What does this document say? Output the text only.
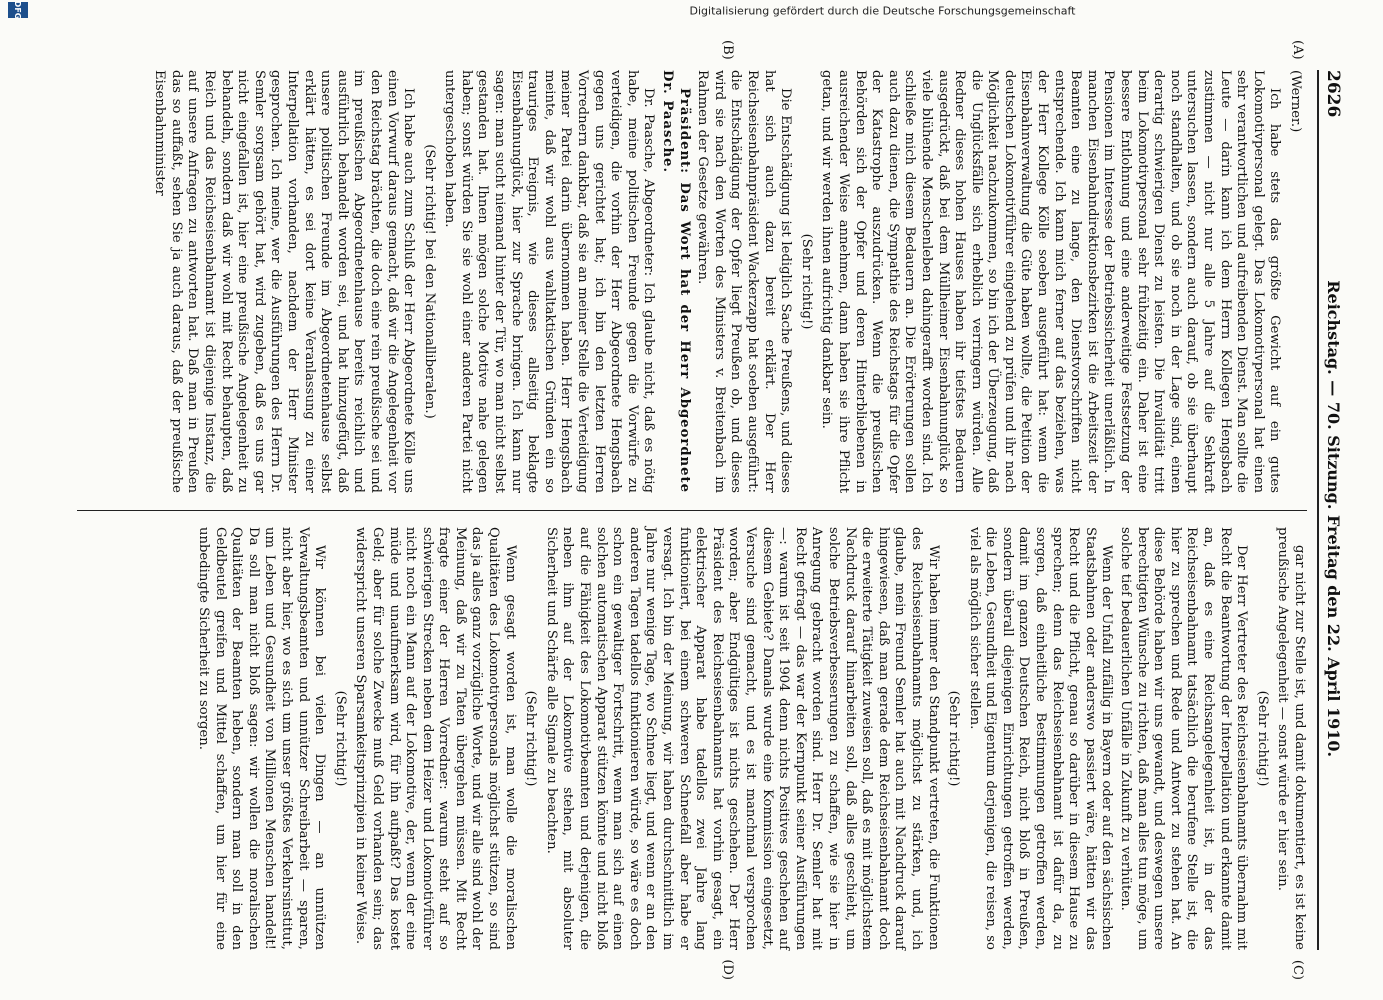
Digitalisierung gefördert durch die Deutsche Forschungsgemeinschaft
DFG
2626
Reichstag. — 70. Sitzung. Freitag den 22. April 1910.
(A)
(B)

(Werner.)

Ich habe stets das größte Gewicht auf ein gutes Lokomotivpersonal gelegt. Das Lokomotivpersonal hat einen sehr verantwortlichen und aufreibenden Dienst. Man sollte die Leute — darin kann ich dem Herrn Kollegen Hengsbach zustimmen — nicht nur alle 5 Jahre auf die Sehkraft untersuchen lassen, sondern auch darauf, ob sie überhaupt noch standhalten, und ob sie noch in der Lage sind, einen derartig schwierigen Dienst zu leisten. Die Invalidität tritt beim Lokomotivpersonal sehr frühzeitig ein. Daher ist eine bessere Entlohnung und eine anderweitige Festsetzung der Pensionen im Interesse der Betriebssicherheit unerläßlich. In manchen Eisenbahndirektionsbezirken ist die Arbeitszeit der Beamten eine zu lange, den Dienstvorschriften nicht entsprechende. Ich kann mich ferner auf das beziehen, was der Herr Kollege Kölle soeben ausgeführt hat: wenn die Eisenbahnverwaltung die Güte haben wollte, die Petition der deutschen Lokomotivführer eingehend zu prüfen und ihr nach Möglichkeit nachzukommen, so bin ich der Überzeugung, daß die Unglücksfälle sich erheblich verringern würden. Alle Redner dieses hohen Hauses haben ihr tiefstes Bedauern ausgedrückt, daß bei dem Müllheimer Eisenbahnunglück so viele blühende Menschenleben dahingerafft worden sind. Ich schließe mich diesem Bedauern an. Die Erörterungen sollen auch dazu dienen, die Sympathie des Reichstags für die Opfer der Katastrophe auszudrücken. Wenn die preußischen Behörden sich der Opfer und deren Hinterbliebenen in ausreichender Weise annehmen, dann haben sie ihre Pflicht getan, und wir werden ihnen aufrichtig dankbar sein.

(Sehr richtig!)

Die Entschädigung ist lediglich Sache Preußens, und dieses hat sich auch dazu bereit erklärt. Der Herr Reichseisenbahnpräsident Wackerzapp hat soeben ausgeführt: die Entschädigung der Opfer liegt Preußen ob, und dieses wird sie nach den Worten des Ministers v. Breitenbach im Rahmen der Gesetze gewähren.

Präsident: Das Wort hat der Herr Abgeordnete Dr. Paasche.

Dr. Paasche, Abgeordneter: Ich glaube nicht, daß es nötig habe, meine politischen Freunde gegen die Vorwürfe zu verteidigen, die vorhin der Herr Abgeordnete Hengsbach gegen uns gerichtet hat; ich bin den letzten Herren Vorrednern dankbar, daß sie an meiner Stelle die Verteidigung meiner Partei darin übernommen haben. Herr Hengsbach meinte, daß wir wohl aus wahltaktischen Gründen ein so trauriges Ereignis, wie dieses allseitig beklagte Eisenbahnunglück, hier zur Sprache bringen. Ich kann nur sagen: man sucht niemand hinter der Tür, wo man nicht selbst gestanden hat. Ihnen mögen solche Motive nahe gelegen haben; sonst würden Sie sie wohl einer anderen Partei nicht untergeschoben haben.

(Sehr richtig! bei den Nationalliberalen.)

Ich habe auch zum Schluß der Herr Abgeordnete Kölle uns einen Vorwurf daraus gemacht, daß wir die Angelegenheit vor den Reichstag brächten, die doch eine rein preußische sei und im preußischen Abgeordnetenhause bereits reichlich und ausführlich behandelt worden sei, und hat hinzugefügt, daß unsere politischen Freunde im Abgeordnetenhause selbst erklärt hätten, es sei dort keine Veranlassung zu einer Interpellation vorhanden, nachdem der Herr Minister gesprochen. Ich meine, wer die Ausführungen des Herrn Dr. Semler sorgsam gehört hat, wird zugeben, daß es uns gar nicht eingefallen ist, hier eine preußische Angelegenheit zu behandeln, sondern daß wir wohl mit Recht behaupten, daß Reich und das Reichseisenbahnamt ist diejenige Instanz, die auf unsere Anfragen zu antworten hat. Daß man in Preußen das so auffaßt, sehen Sie ja auch daraus, daß der preußische Eisenbahnminister

(C)
(D)

gar nicht zur Stelle ist, und damit dokumentiert, es ist keine preußische Angelegenheit — sonst würde er hier sein.

(Sehr richtig!)

Der Herr Vertreter des Reichseisenbahnamts übernahm mit Recht die Beantwortung der Interpellation und erkannte damit an, daß es eine Reichsangelegenheit ist, in der das Reichseisenbahnamt tatsächlich die berufene Stelle ist, die hier zu sprechen und Rede und Antwort zu stehen hat. An diese Behörde haben wir uns gewandt, und deswegen unsere berechtigten Wünsche zu richten, daß man alles tun möge, um solche tief bedauerlichen Unfälle in Zukunft zu verhüten.

Wenn der Unfall zufällig in Bayern oder auf den sächsischen Staatsbahnen oder anderswo passiert wäre, hätten wir das Recht und die Pflicht, genau so darüber in diesem Hause zu sprechen; denn das Reichseisenbahnamt ist dafür da, zu sorgen, daß einheitliche Bestimmungen getroffen werden, damit im ganzen Deutschen Reich, nicht bloß in Preußen, sondern überall diejenigen Einrichtungen getroffen werden, die Leben, Gesundheit und Eigentum derjenigen, die reisen, so viel als möglich sicher stellen.

(Sehr richtig!)

Wir haben immer den Standpunkt vertreten, die Funktionen des Reichseisenbahnamts möglichst zu stärken, und, ich glaube, mein Freund Semler hat auch mit Nachdruck darauf hingewiesen, daß man gerade dem Reichseisenbahnamt doch die erweiterte Tätigkeit zuweisen soll, daß es mit möglichstem Nachdruck darauf hinarbeiten soll, daß alles geschieht, um solche Betriebsverbesserungen zu schaffen, wie sie hier in Anregung gebracht worden sind. Herr Dr. Semler hat mit Recht gefragt — das war der Kernpunkt seiner Ausführungen —: warum ist seit 1904 denn nichts Positives geschehen auf diesem Gebiete? Damals wurde eine Kommission eingesetzt, Versuche sind gemacht, und es ist manchmal versprochen worden; aber Endgültiges ist nichts geschehen. Der Herr Präsident des Reichseisenbahnamts hat vorhin gesagt, ein elektrischer Apparat habe tadellos zwei Jahre lang funktioniert, bei einem schweren Schneefall aber habe er versagt. Ich bin der Meinung, wir haben durchschnittlich im Jahre nur wenige Tage, wo Schnee liegt, und wenn er an den anderen Tagen tadellos funktionieren würde, so wäre es doch schon ein gewaltiger Fortschritt, wenn man sich auf einen solchen automatischen Apparat stützen könnte und nicht bloß auf die Fähigkeit des Lokomotivbeamten und derjenigen, die neben ihm auf der Lokomotive stehen, mit absoluter Sicherheit und Schärfe alle Signale zu beachten.

(Sehr richtig!)

Wenn gesagt worden ist, man wolle die moralischen Qualitäten des Lokomotivpersonals möglichst stützen, so sind das ja alles ganz vorzügliche Worte, und wir alle sind wohl der Meinung, daß wir zu Taten übergehen müssen. Mit Recht fragte einer der Herren Vorredner: warum steht auf so schwierigen Strecken neben dem Heizer und Lokomotivführer nicht noch ein Mann auf der Lokomotive, der, wenn der eine müde und unaufmerksam wird, für ihn aufpaßt? Das kostet Geld; aber für solche Zwecke muß Geld vorhanden sein; das widerspricht unseren Sparsamkeitsprinzipien in keiner Weise.

(Sehr richtig!)

Wir können bei vielen Dingen — an unnützen Verwaltungsbeamten und unnützer Schreibarbeit — sparen, nicht aber hier, wo es sich um unser größtes Verkehrsinstitut, um Leben und Gesundheit von Millionen Menschen handelt! Da soll man nicht bloß sagen: wir wollen die moralischen Qualitäten der Beamten heben, sondern man soll in den Geldbeutel greifen und Mittel schaffen, um hier für eine unbedingte Sicherheit zu sorgen.
